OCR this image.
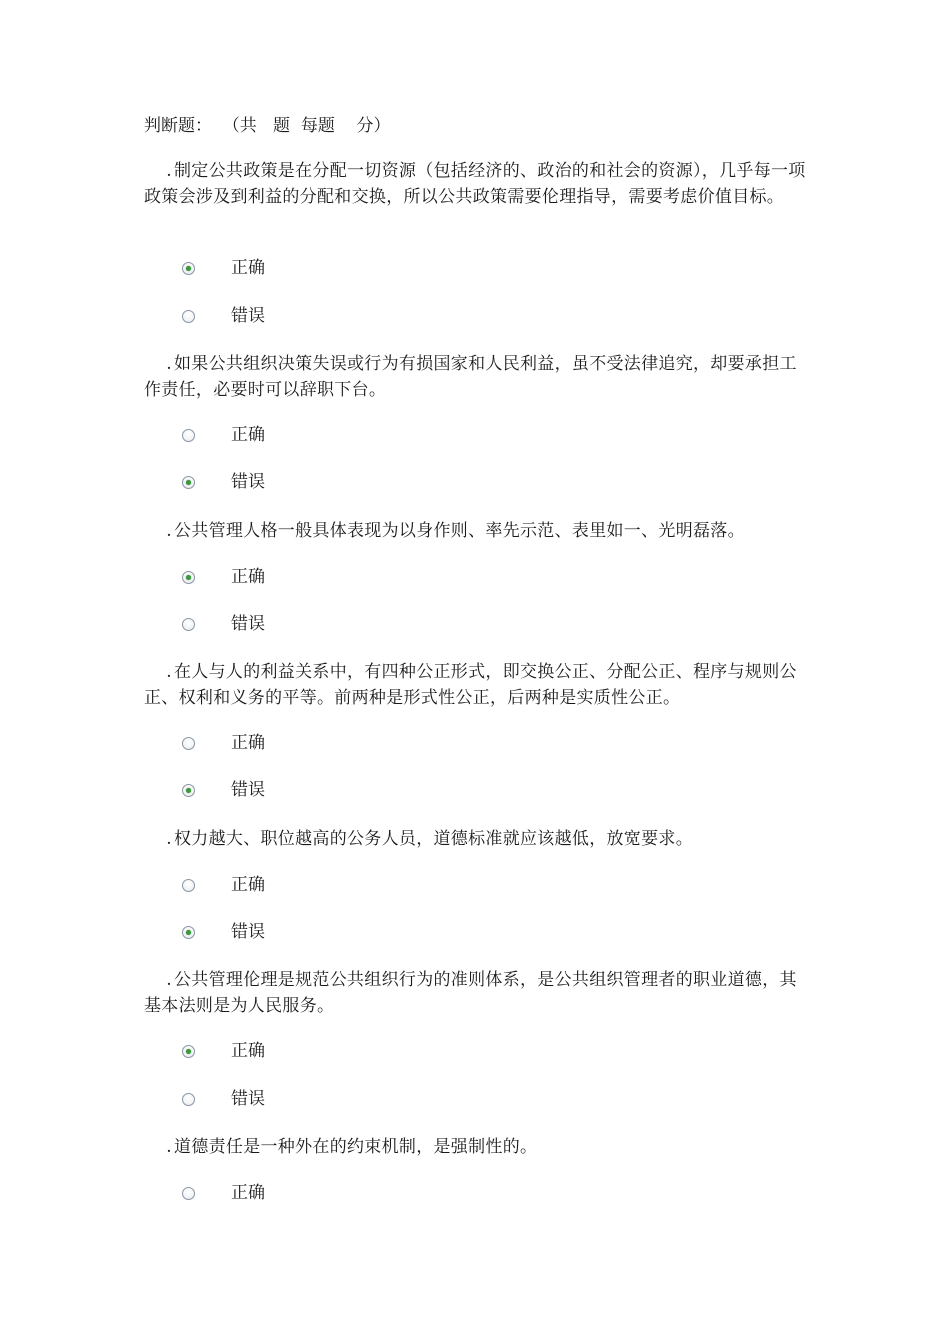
判断题：  （共   题  每题    分）
. 制定公共政策是在分配一切资源（包括经济的、政治的和社会的资源），几乎每一项政策会涉及到利益的分配和交换，所以公共政策需要伦理指导，需要考虑价值目标。
正确
错误
. 如果公共组织决策失误或行为有损国家和人民利益，虽不受法律追究，却要承担工作责任，必要时可以辞职下台。
正确
错误
. 公共管理人格一般具体表现为以身作则、率先示范、表里如一、光明磊落。
正确
错误
. 在人与人的利益关系中，有四种公正形式，即交换公正、分配公正、程序与规则公正、权利和义务的平等。前两种是形式性公正，后两种是实质性公正。
正确
错误
. 权力越大、职位越高的公务人员，道德标准就应该越低，放宽要求。
正确
错误
. 公共管理伦理是规范公共组织行为的准则体系，是公共组织管理者的职业道德，其基本法则是为人民服务。
正确
错误
. 道德责任是一种外在的约束机制，是强制性的。
正确
